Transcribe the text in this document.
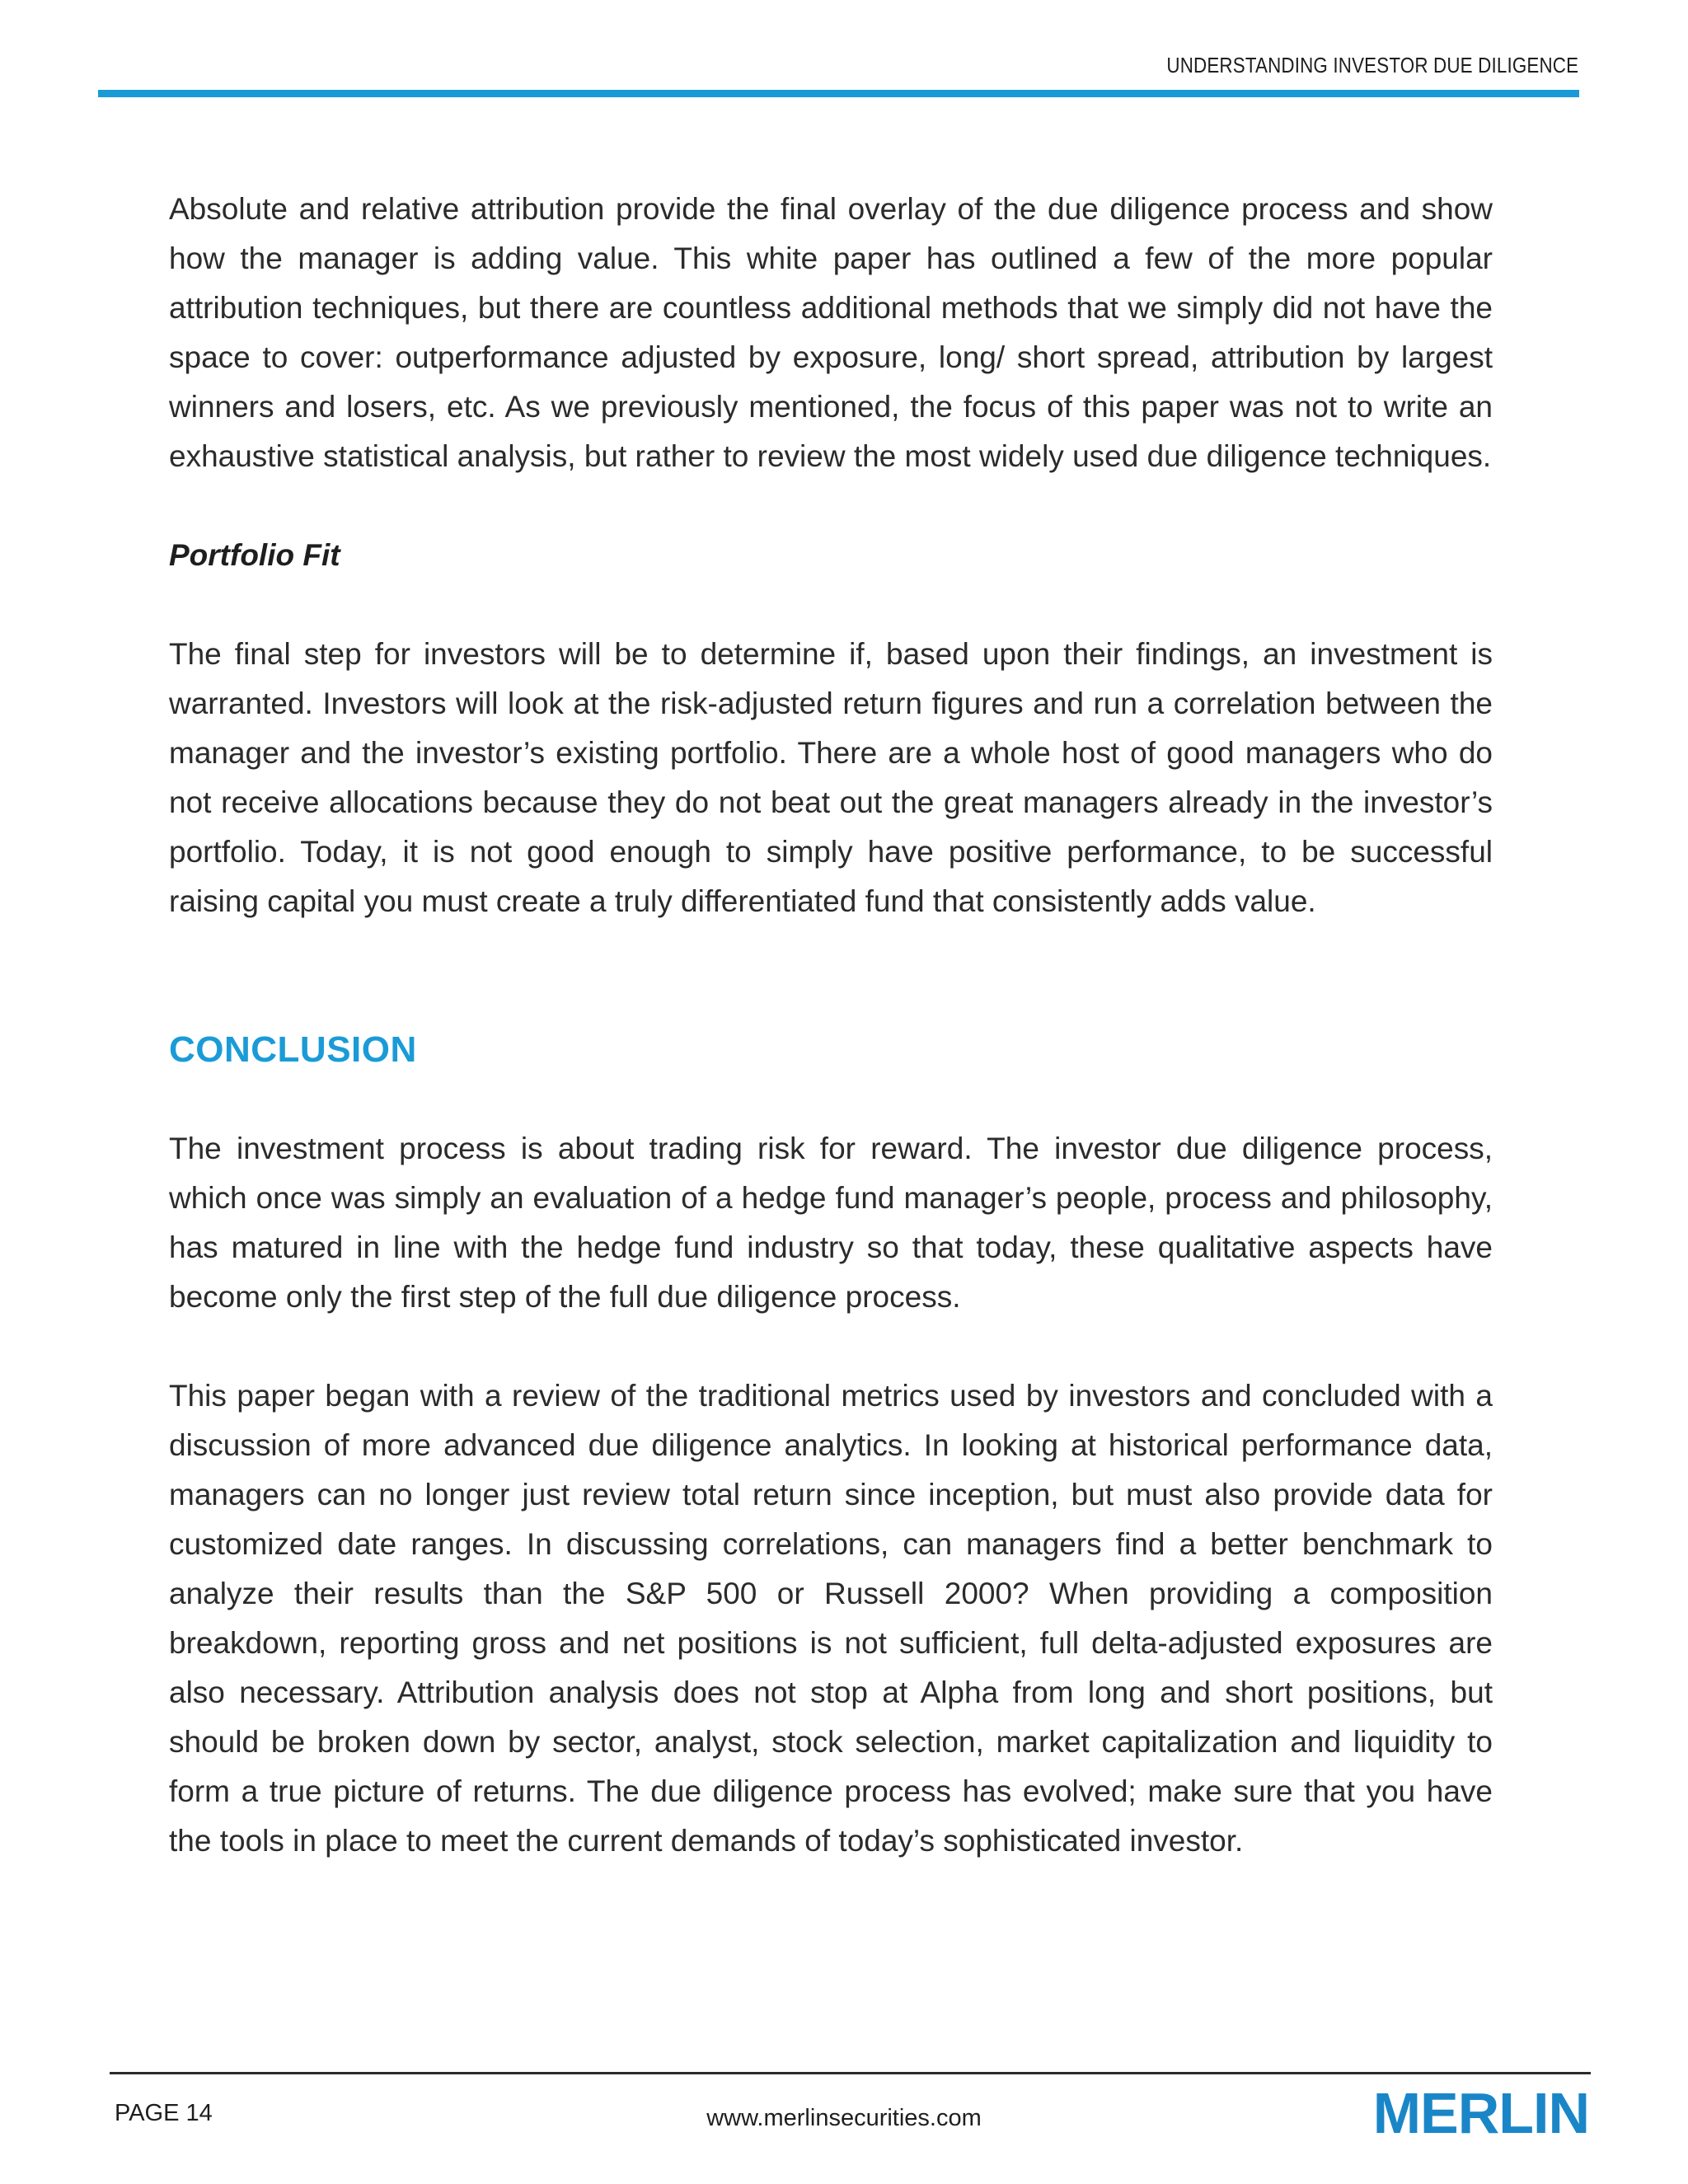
UNDERSTANDING INVESTOR DUE DILIGENCE

Absolute and relative attribution provide the final overlay of the due diligence process and show how the manager is adding value. This white paper has outlined a few of the more popular attribution techniques, but there are countless additional methods that we simply did not have the space to cover: outperformance adjusted by exposure, long/ short spread, attribution by largest winners and losers, etc. As we previously mentioned, the focus of this paper was not to write an exhaustive statistical analysis, but rather to review the most widely used due diligence techniques.

Portfolio Fit

The final step for investors will be to determine if, based upon their findings, an investment is warranted. Investors will look at the risk-adjusted return figures and run a correlation between the manager and the investor’s existing portfolio. There are a whole host of good managers who do not receive allocations because they do not beat out the great managers already in the investor’s portfolio. Today, it is not good enough to simply have positive performance, to be successful raising capital you must create a truly differentiated fund that consistently adds value.

CONCLUSION

The investment process is about trading risk for reward. The investor due diligence process, which once was simply an evaluation of a hedge fund manager’s people, process and philosophy, has matured in line with the hedge fund industry so that today, these qualitative aspects have become only the first step of the full due diligence process.

This paper began with a review of the traditional metrics used by investors and concluded with a discussion of more advanced due diligence analytics. In looking at historical performance data, managers can no longer just review total return since inception, but must also provide data for customized date ranges. In discussing correlations, can managers find a better benchmark to analyze their results than the S&P 500 or Russell 2000? When providing a composition breakdown, reporting gross and net positions is not sufficient, full delta-adjusted exposures are also necessary. Attribution analysis does not stop at Alpha from long and short positions, but should be broken down by sector, analyst, stock selection, market capitalization and liquidity to form a true picture of returns. The due diligence process has evolved; make sure that you have the tools in place to meet the current demands of today’s sophisticated investor.

PAGE 14	www.merlinsecurities.com	MERLIN
